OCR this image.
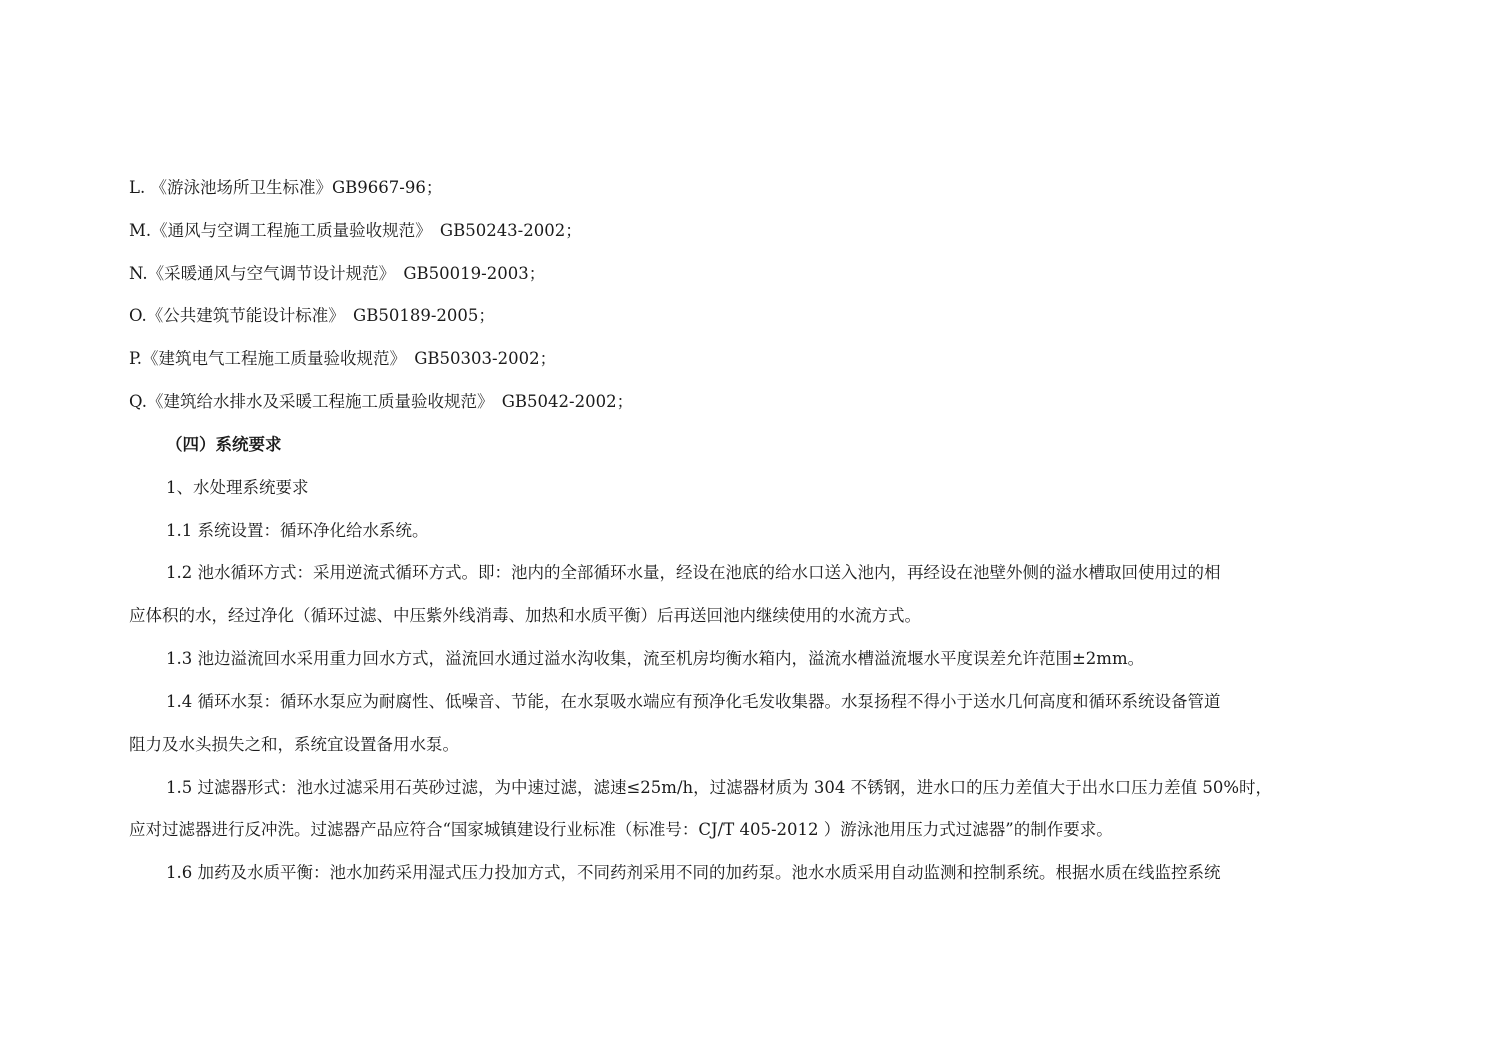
L. 《游泳池场所卫生标准》GB9667-96；
M.《通风与空调工程施工质量验收规范》　GB50243-2002；
N.《采暖通风与空气调节设计规范》　GB50019-2003；
O.《公共建筑节能设计标准》　GB50189-2005；
P.《建筑电气工程施工质量验收规范》　GB50303-2002；
Q.《建筑给水排水及采暖工程施工质量验收规范》　GB5042-2002；
（四）系统要求
1、水处理系统要求
1.1 系统设置：循环净化给水系统。
1.2 池水循环方式：采用逆流式循环方式。即：池内的全部循环水量，经设在池底的给水口送入池内，再经设在池壁外侧的溢水槽取回使用过的相
应体积的水，经过净化（循环过滤、中压紫外线消毒、加热和水质平衡）后再送回池内继续使用的水流方式。
1.3 池边溢流回水采用重力回水方式，溢流回水通过溢水沟收集，流至机房均衡水箱内，溢流水槽溢流堰水平度误差允许范围±2mm。
1.4 循环水泵：循环水泵应为耐腐性、低噪音、节能，在水泵吸水端应有预净化毛发收集器。水泵扬程不得小于送水几何高度和循环系统设备管道
阻力及水头损失之和，系统宜设置备用水泵。
1.5 过滤器形式：池水过滤采用石英砂过滤，为中速过滤，滤速≤25m/h，过滤器材质为 304 不锈钢，进水口的压力差值大于出水口压力差值 50%时，
应对过滤器进行反冲洗。过滤器产品应符合“国家城镇建设行业标准（标准号：CJ/T 405-2012 ）游泳池用压力式过滤器”的制作要求。
1.6 加药及水质平衡：池水加药采用湿式压力投加方式，不同药剂采用不同的加药泵。池水水质采用自动监测和控制系统。根据水质在线监控系统
